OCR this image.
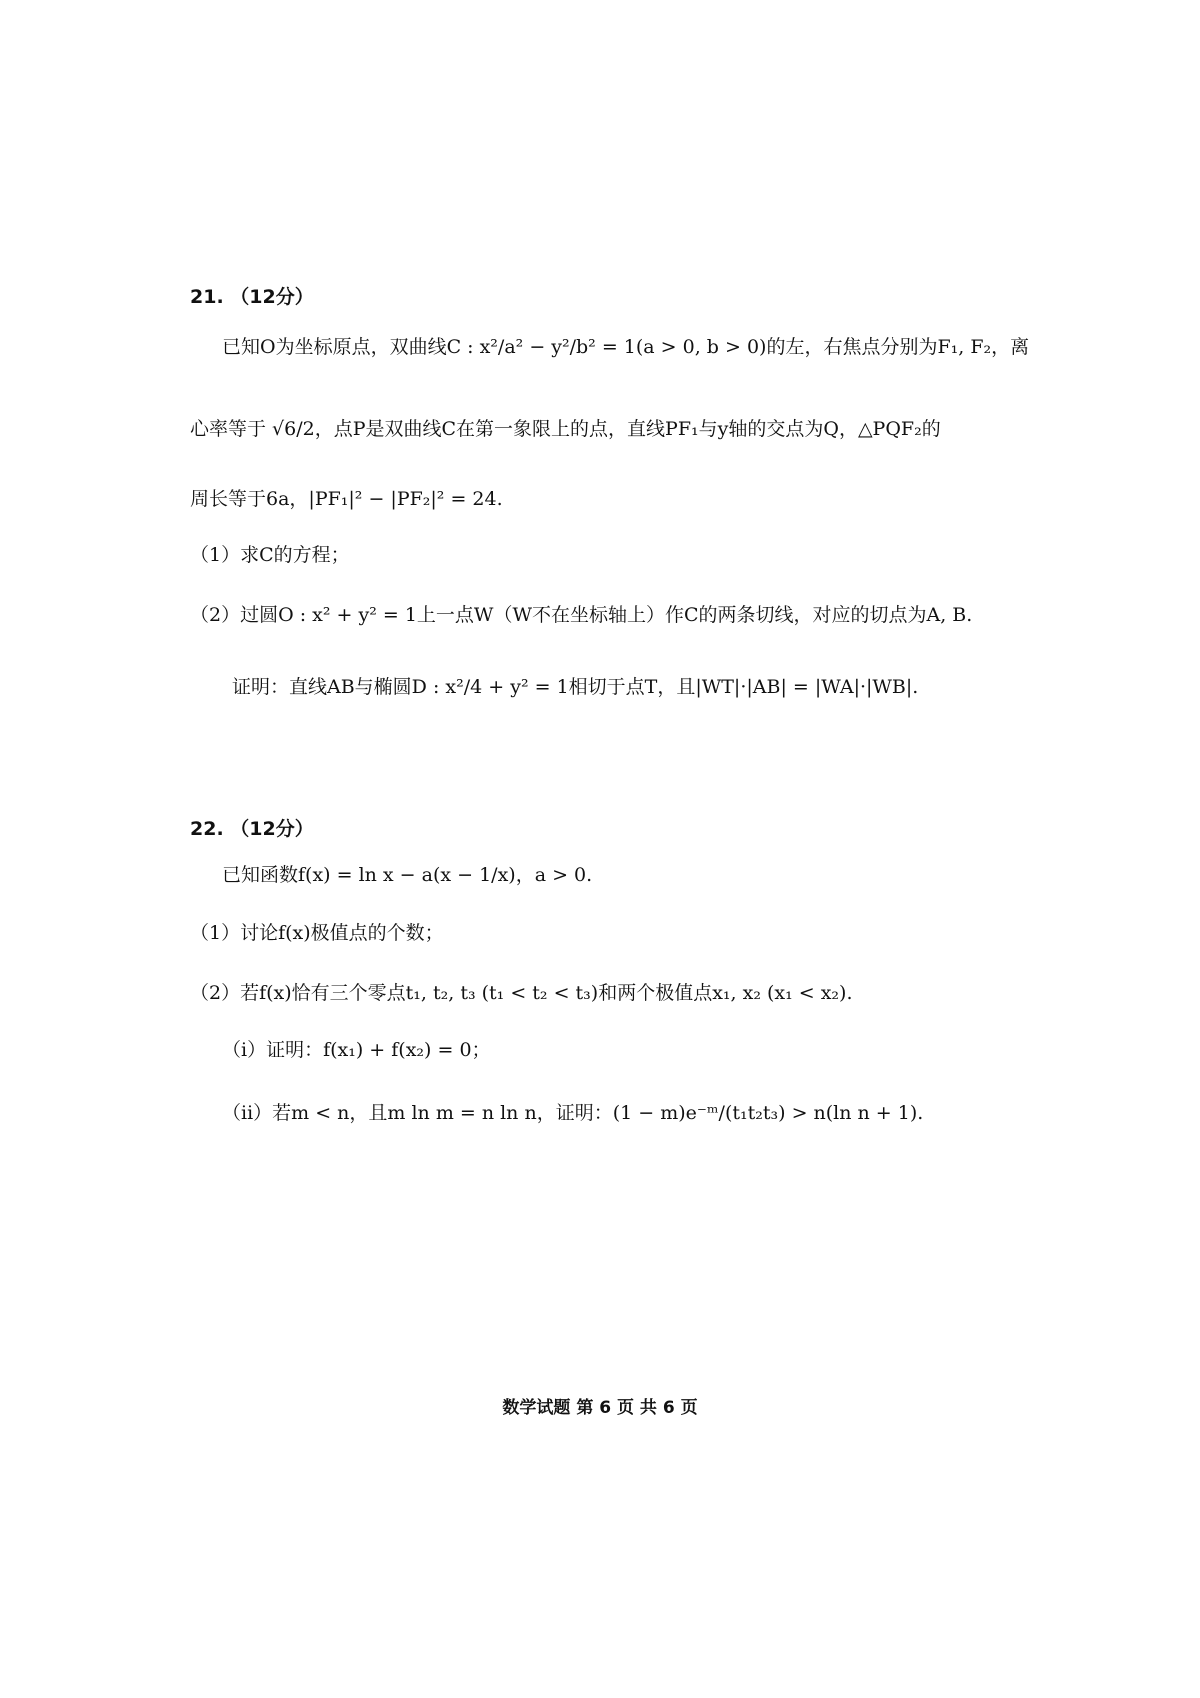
21. （12分）
已知O为坐标原点，双曲线C : x²/a² − y²/b² = 1(a > 0, b > 0)的左，右焦点分别为F₁, F₂，离
心率等于 √6/2，点P是双曲线C在第一象限上的点，直线PF₁与y轴的交点为Q，△PQF₂的
周长等于6a，|PF₁|² − |PF₂|² = 24.
（1）求C的方程；
（2）过圆O : x² + y² = 1上一点W（W不在坐标轴上）作C的两条切线，对应的切点为A, B.
证明：直线AB与椭圆D : x²/4 + y² = 1相切于点T，且|WT|·|AB| = |WA|·|WB|.
22. （12分）
已知函数f(x) = ln x − a(x − 1/x)，a > 0.
（1）讨论f(x)极值点的个数；
（2）若f(x)恰有三个零点t₁, t₂, t₃ (t₁ < t₂ < t₃)和两个极值点x₁, x₂ (x₁ < x₂).
（ⅰ）证明：f(x₁) + f(x₂) = 0；
（ⅱ）若m < n，且m ln m = n ln n，证明：(1 − m)e⁻ᵐ/(t₁t₂t₃) > n(ln n + 1).
数学试题 第 6 页 共 6 页
